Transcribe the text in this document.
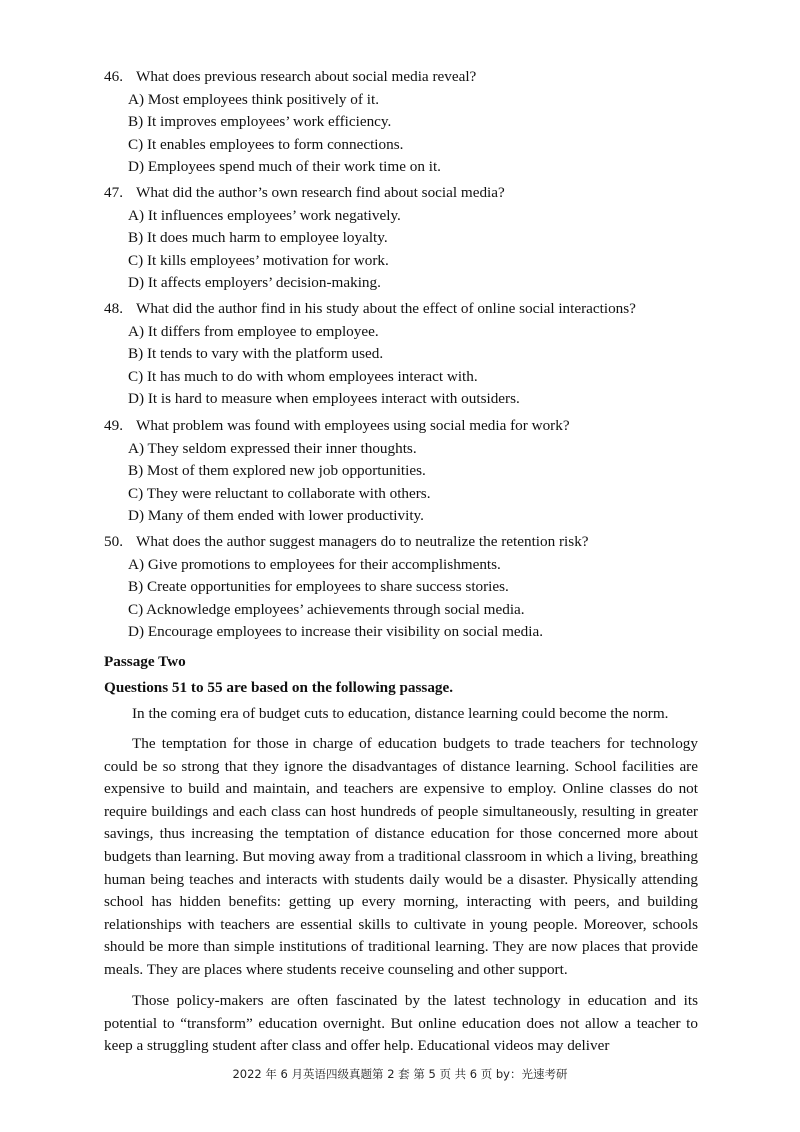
46. What does previous research about social media reveal?
A) Most employees think positively of it.
B) It improves employees’ work efficiency.
C) It enables employees to form connections.
D) Employees spend much of their work time on it.
47. What did the author’s own research find about social media?
A) It influences employees’ work negatively.
B) It does much harm to employee loyalty.
C) It kills employees’ motivation for work.
D) It affects employers’ decision-making.
48. What did the author find in his study about the effect of online social interactions?
A) It differs from employee to employee.
B) It tends to vary with the platform used.
C) It has much to do with whom employees interact with.
D) It is hard to measure when employees interact with outsiders.
49. What problem was found with employees using social media for work?
A) They seldom expressed their inner thoughts.
B) Most of them explored new job opportunities.
C) They were reluctant to collaborate with others.
D) Many of them ended with lower productivity.
50. What does the author suggest managers do to neutralize the retention risk?
A) Give promotions to employees for their accomplishments.
B) Create opportunities for employees to share success stories.
C) Acknowledge employees’ achievements through social media.
D) Encourage employees to increase their visibility on social media.
Passage Two
Questions 51 to 55 are based on the following passage.

In the coming era of budget cuts to education, distance learning could become the norm.

The temptation for those in charge of education budgets to trade teachers for technology could be so strong that they ignore the disadvantages of distance learning. School facilities are expensive to build and maintain, and teachers are expensive to employ. Online classes do not require buildings and each class can host hundreds of people simultaneously, resulting in greater savings, thus increasing the temptation of distance education for those concerned more about budgets than learning. But moving away from a traditional classroom in which a living, breathing human being teaches and interacts with students daily would be a disaster. Physically attending school has hidden benefits: getting up every morning, interacting with peers, and building relationships with teachers are essential skills to cultivate in young people. Moreover, schools should be more than simple institutions of traditional learning. They are now places that provide meals. They are places where students receive counseling and other support.

Those policy-makers are often fascinated by the latest technology in education and its potential to “transform” education overnight. But online education does not allow a teacher to keep a struggling student after class and offer help. Educational videos may deliver

2022 年 6 月英语四级真题第 2 套 第 5 页 共 6 页 by：光速考研
